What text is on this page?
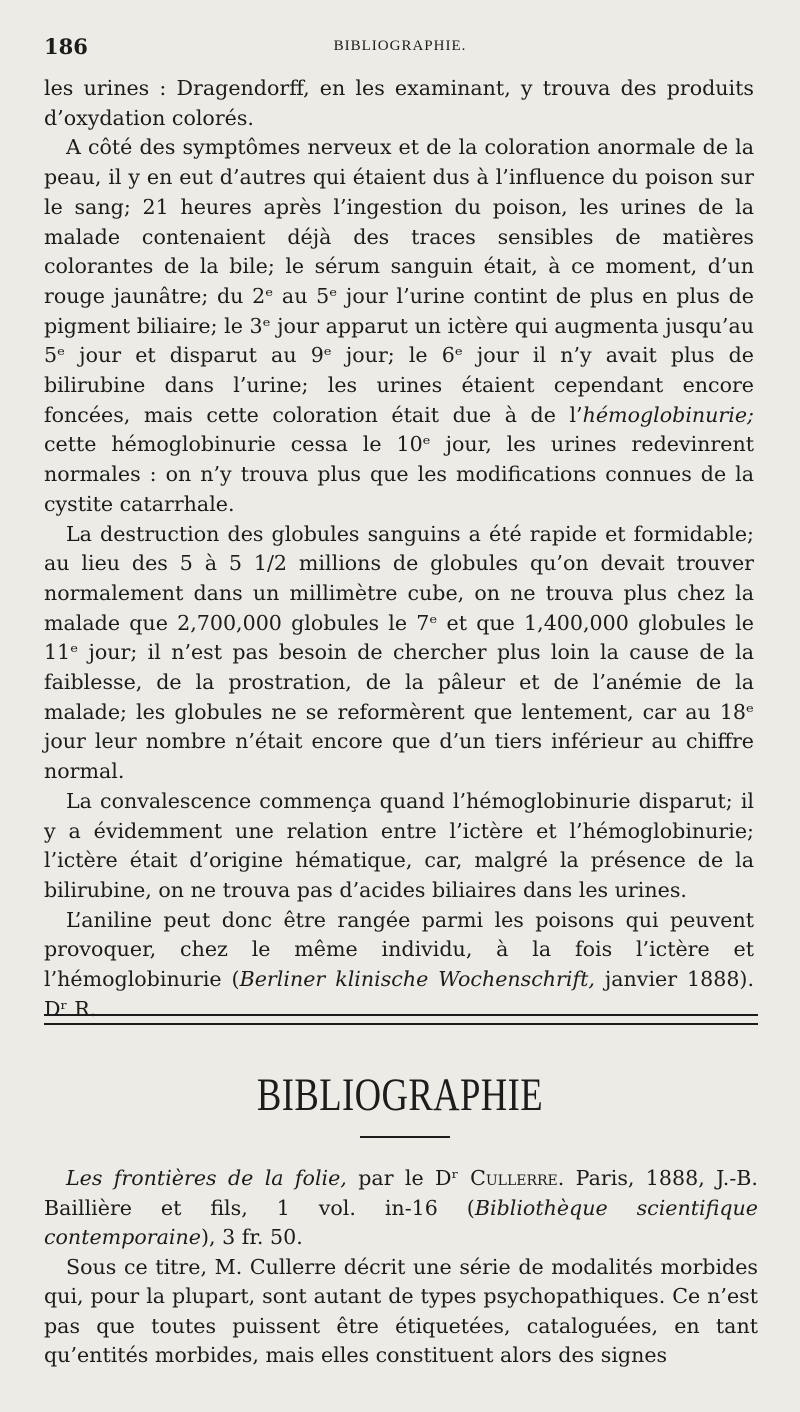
186	BIBLIOGRAPHIE.

les urines : Dragendorff, en les examinant, y trouva des produits d’oxydation colorés.

A côté des symptômes nerveux et de la coloration anormale de la peau, il y en eut d’autres qui étaient dus à l’influence du poison sur le sang; 21 heures après l’ingestion du poison, les urines de la malade contenaient déjà des traces sensibles de matières colorantes de la bile; le sérum sanguin était, à ce moment, d’un rouge jaunâtre; du 2ᵉ au 5ᵉ jour l’urine contint de plus en plus de pigment biliaire; le 3ᵉ jour apparut un ictère qui augmenta jusqu’au 5ᵉ jour et disparut au 9ᵉ jour; le 6ᵉ jour il n’y avait plus de bilirubine dans l’urine; les urines étaient cependant encore foncées, mais cette coloration était due à de l’hémoglobinurie; cette hémoglobinurie cessa le 10ᵉ jour, les urines redevinrent normales : on n’y trouva plus que les modifications connues de la cystite catarrhale.

La destruction des globules sanguins a été rapide et formidable; au lieu des 5 à 5 1/2 millions de globules qu’on devait trouver normalement dans un millimètre cube, on ne trouva plus chez la malade que 2,700,000 globules le 7ᵉ et que 1,400,000 globules le 11ᵉ jour; il n’est pas besoin de chercher plus loin la cause de la faiblesse, de la prostration, de la pâleur et de l’anémie de la malade; les globules ne se reformèrent que lentement, car au 18ᵉ jour leur nombre n’était encore que d’un tiers inférieur au chiffre normal.

La convalescence commença quand l’hémoglobinurie disparut; il y a évidemment une relation entre l’ictère et l’hémoglobinurie; l’ictère était d’origine hématique, car, malgré la présence de la bilirubine, on ne trouva pas d’acides biliaires dans les urines.

L’aniline peut donc être rangée parmi les poisons qui peuvent provoquer, chez le même individu, à la fois l’ictère et l’hémoglobinurie (Berliner klinische Wochenschrift, janvier 1888). Dʳ R.

BIBLIOGRAPHIE

Les frontières de la folie, par le Dʳ Cullerre. Paris, 1888, J.-B. Baillière et fils, 1 vol. in-16 (Bibliothèque scientifique contemporaine), 3 fr. 50.

Sous ce titre, M. Cullerre décrit une série de modalités morbides qui, pour la plupart, sont autant de types psychopathiques. Ce n’est pas que toutes puissent être étiquetées, cataloguées, en tant qu’entités morbides, mais elles constituent alors des signes
